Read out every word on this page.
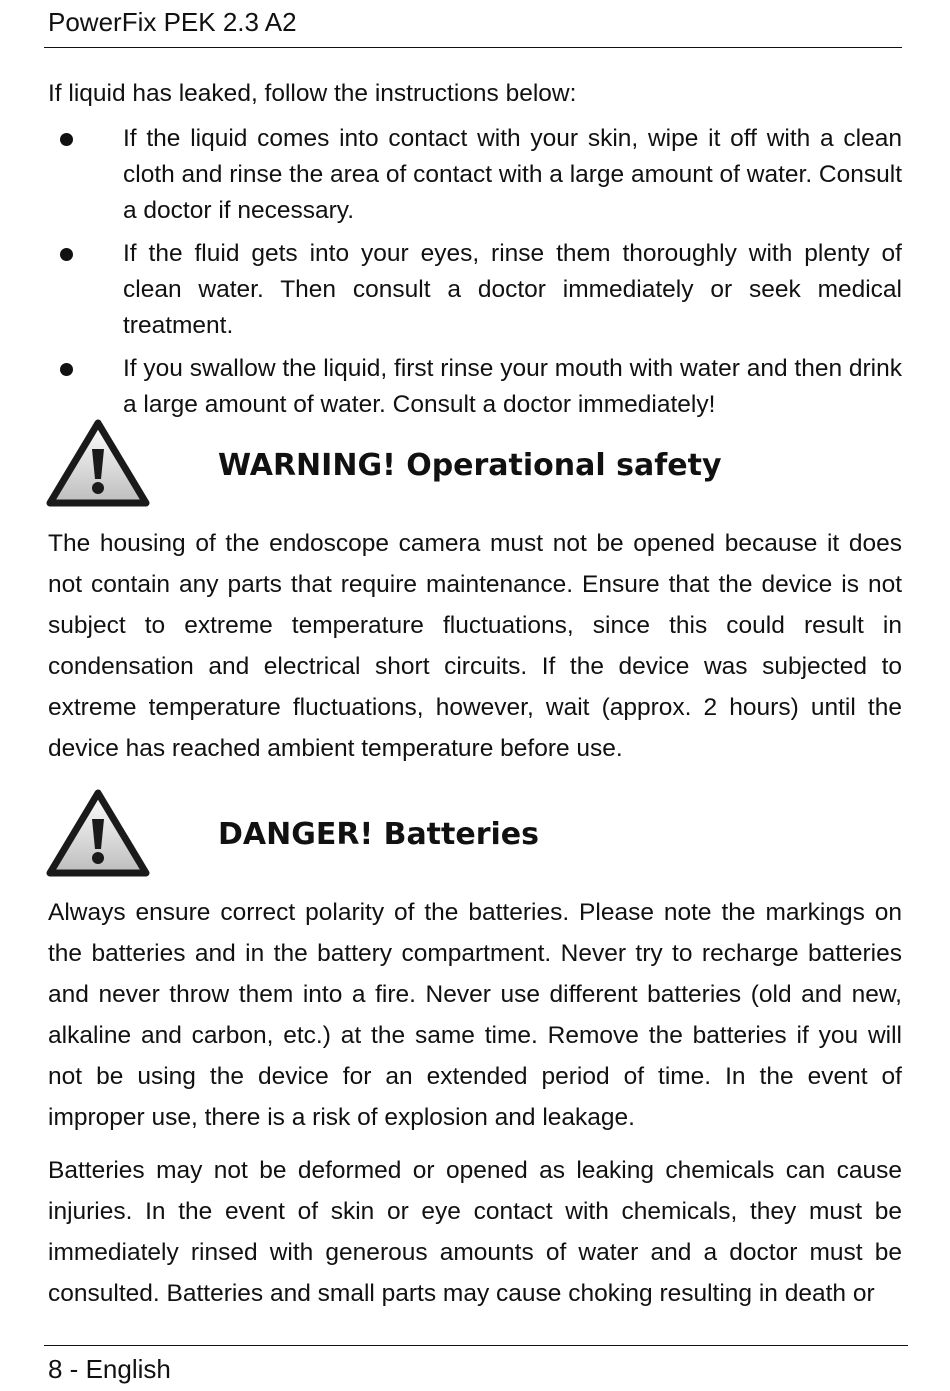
PowerFix PEK 2.3 A2
If liquid has leaked, follow the instructions below:
If the liquid comes into contact with your skin, wipe it off with a clean cloth and rinse the area of contact with a large amount of water. Consult a doctor if necessary.
If the fluid gets into your eyes, rinse them thoroughly with plenty of clean water. Then consult a doctor immediately or seek medical treatment.
If you swallow the liquid, first rinse your mouth with water and then drink a large amount of water. Consult a doctor immediately!
WARNING! Operational safety
The housing of the endoscope camera must not be opened because it does not contain any parts that require maintenance. Ensure that the device is not subject to extreme temperature fluctuations, since this could result in condensation and electrical short circuits. If the device was subjected to extreme temperature fluctuations, however, wait (approx. 2 hours) until the device has reached ambient temperature before use.
DANGER! Batteries
Always ensure correct polarity of the batteries. Please note the markings on the batteries and in the battery compartment. Never try to recharge batteries and never throw them into a fire. Never use different batteries (old and new, alkaline and carbon, etc.) at the same time. Remove the batteries if you will not be using the device for an extended period of time. In the event of improper use, there is a risk of explosion and leakage.
Batteries may not be deformed or opened as leaking chemicals can cause injuries. In the event of skin or eye contact with chemicals, they must be immediately rinsed with generous amounts of water and a doctor must be consulted. Batteries and small parts may cause choking resulting in death or
8 - English
